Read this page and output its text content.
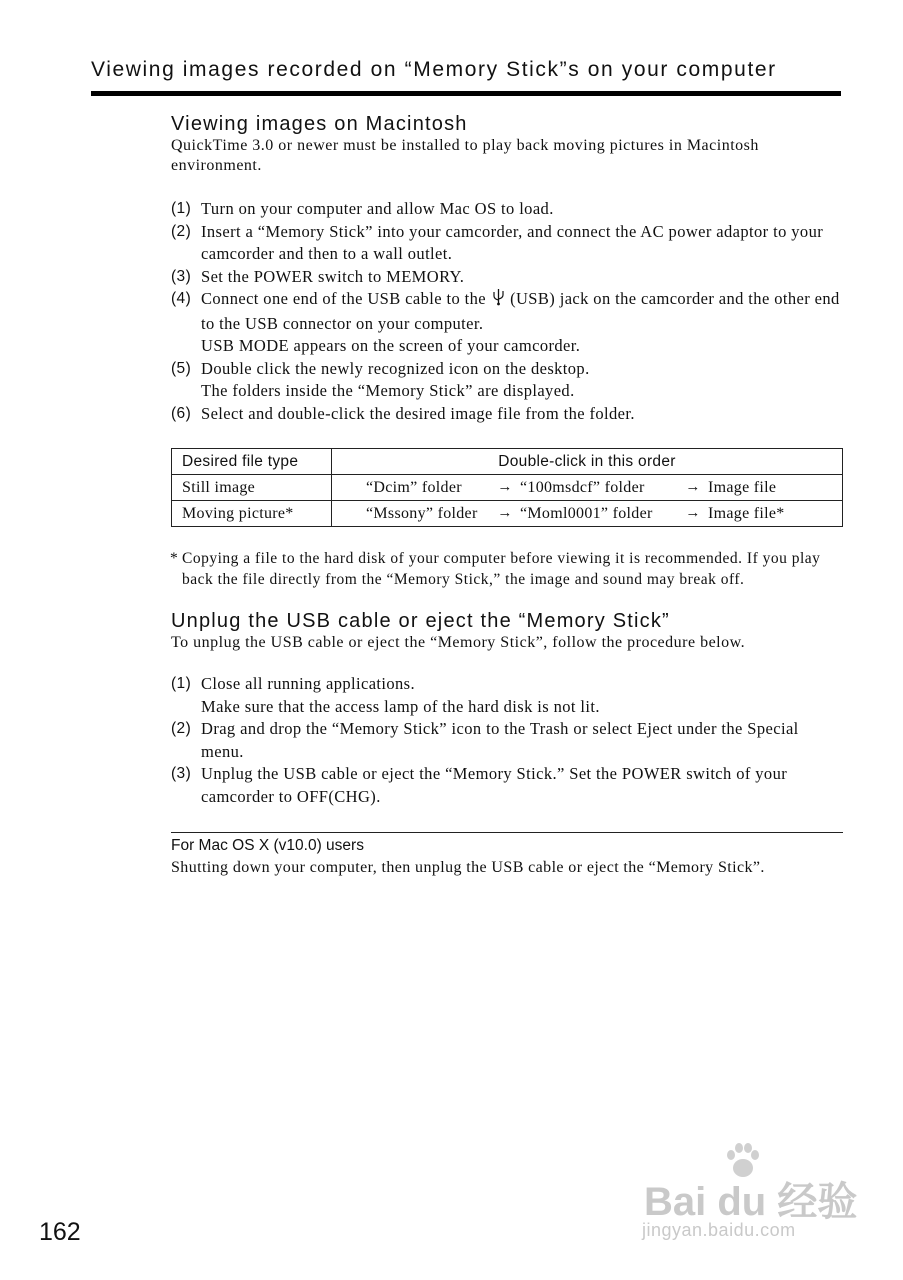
Viewing images recorded on “Memory Stick”s on your computer
Viewing images on Macintosh

QuickTime 3.0 or newer must be installed to play back moving pictures in Macintosh environment.

(1) Turn on your computer and allow Mac OS to load.
(2) Insert a “Memory Stick” into your camcorder, and connect the AC power adaptor to your camcorder and then to a wall outlet.
(3) Set the POWER switch to MEMORY.
(4) Connect one end of the USB cable to the (USB) jack on the camcorder and the other end to the USB connector on your computer.
USB MODE appears on the screen of your camcorder.
(5) Double click the newly recognized icon on the desktop.
The folders inside the “Memory Stick” are displayed.
(6) Select and double-click the desired image file from the folder.
Desired file type	Double-click in this order
Still image	“Dcim” folder → “100msdcf” folder → Image file

Moving picture*	“Mssony” folder → “Moml0001” folder → Image file*
* Copying a file to the hard disk of your computer before viewing it is recommended. If you play back the file directly from the “Memory Stick,” the image and sound may break off.
Unplug the USB cable or eject the “Memory Stick”

To unplug the USB cable or eject the “Memory Stick”, follow the procedure below.

(1) Close all running applications.
Make sure that the access lamp of the hard disk is not lit.
(2) Drag and drop the “Memory Stick” icon to the Trash or select Eject under the Special menu.
(3) Unplug the USB cable or eject the “Memory Stick.” Set the POWER switch of your camcorder to OFF(CHG).
For Mac OS X (v10.0) users
Shutting down your computer, then unplug the USB cable or eject the “Memory Stick”.
162
Bai du 经验
jingyan.baidu.com
